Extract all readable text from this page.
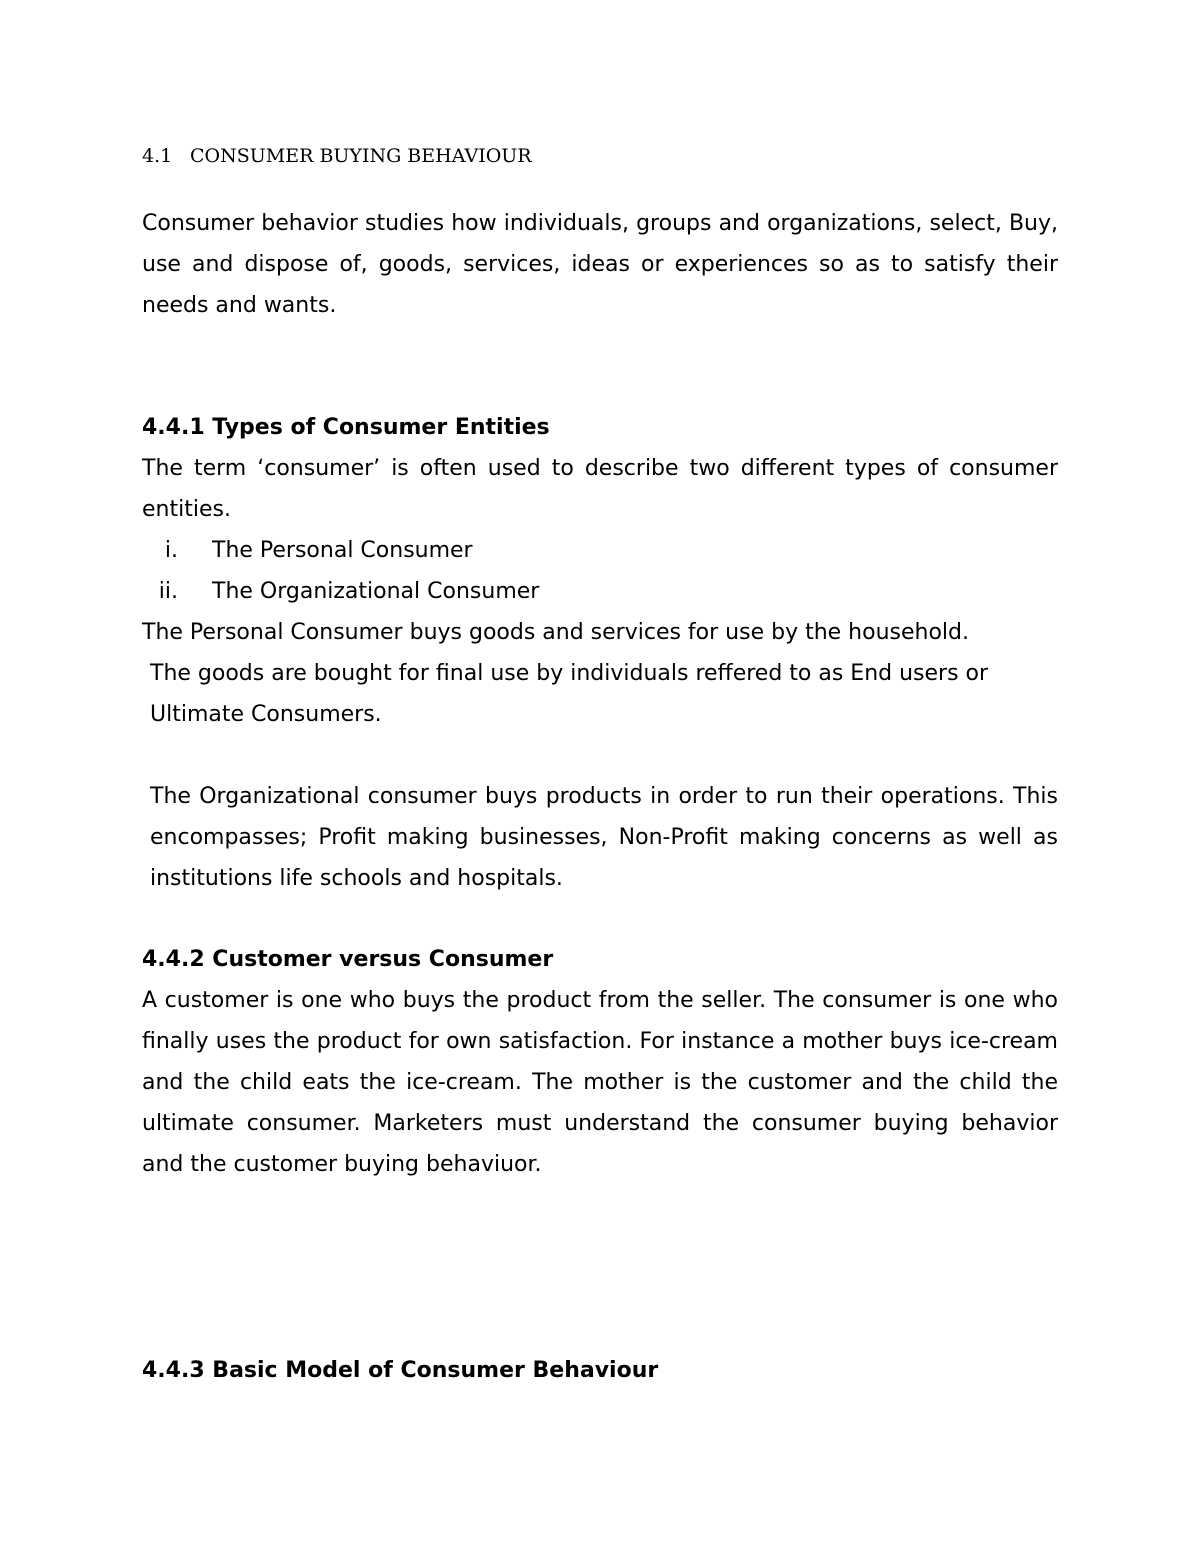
4.1 CONSUMER BUYING BEHAVIOUR

Consumer behavior studies how individuals, groups and organizations, select, Buy, use and dispose of, goods, services, ideas or experiences so as to satisfy their needs and wants.

4.4.1 Types of Consumer Entities

The term ‘consumer’ is often used to describe two different types of consumer entities.

i. The Personal Consumer
ii. The Organizational Consumer
The Personal Consumer buys goods and services for use by the household.
The goods are bought for final use by individuals reffered to as End users or
Ultimate Consumers.

The Organizational consumer buys products in order to run their operations. This encompasses; Profit making businesses, Non-Profit making concerns as well as institutions life schools and hospitals.

4.4.2 Customer versus Consumer

A customer is one who buys the product from the seller. The consumer is one who finally uses the product for own satisfaction. For instance a mother buys ice-cream and the child eats the ice-cream. The mother is the customer and the child the ultimate consumer. Marketers must understand the consumer buying behavior and the customer buying behaviuor.

4.4.3 Basic Model of Consumer Behaviour
